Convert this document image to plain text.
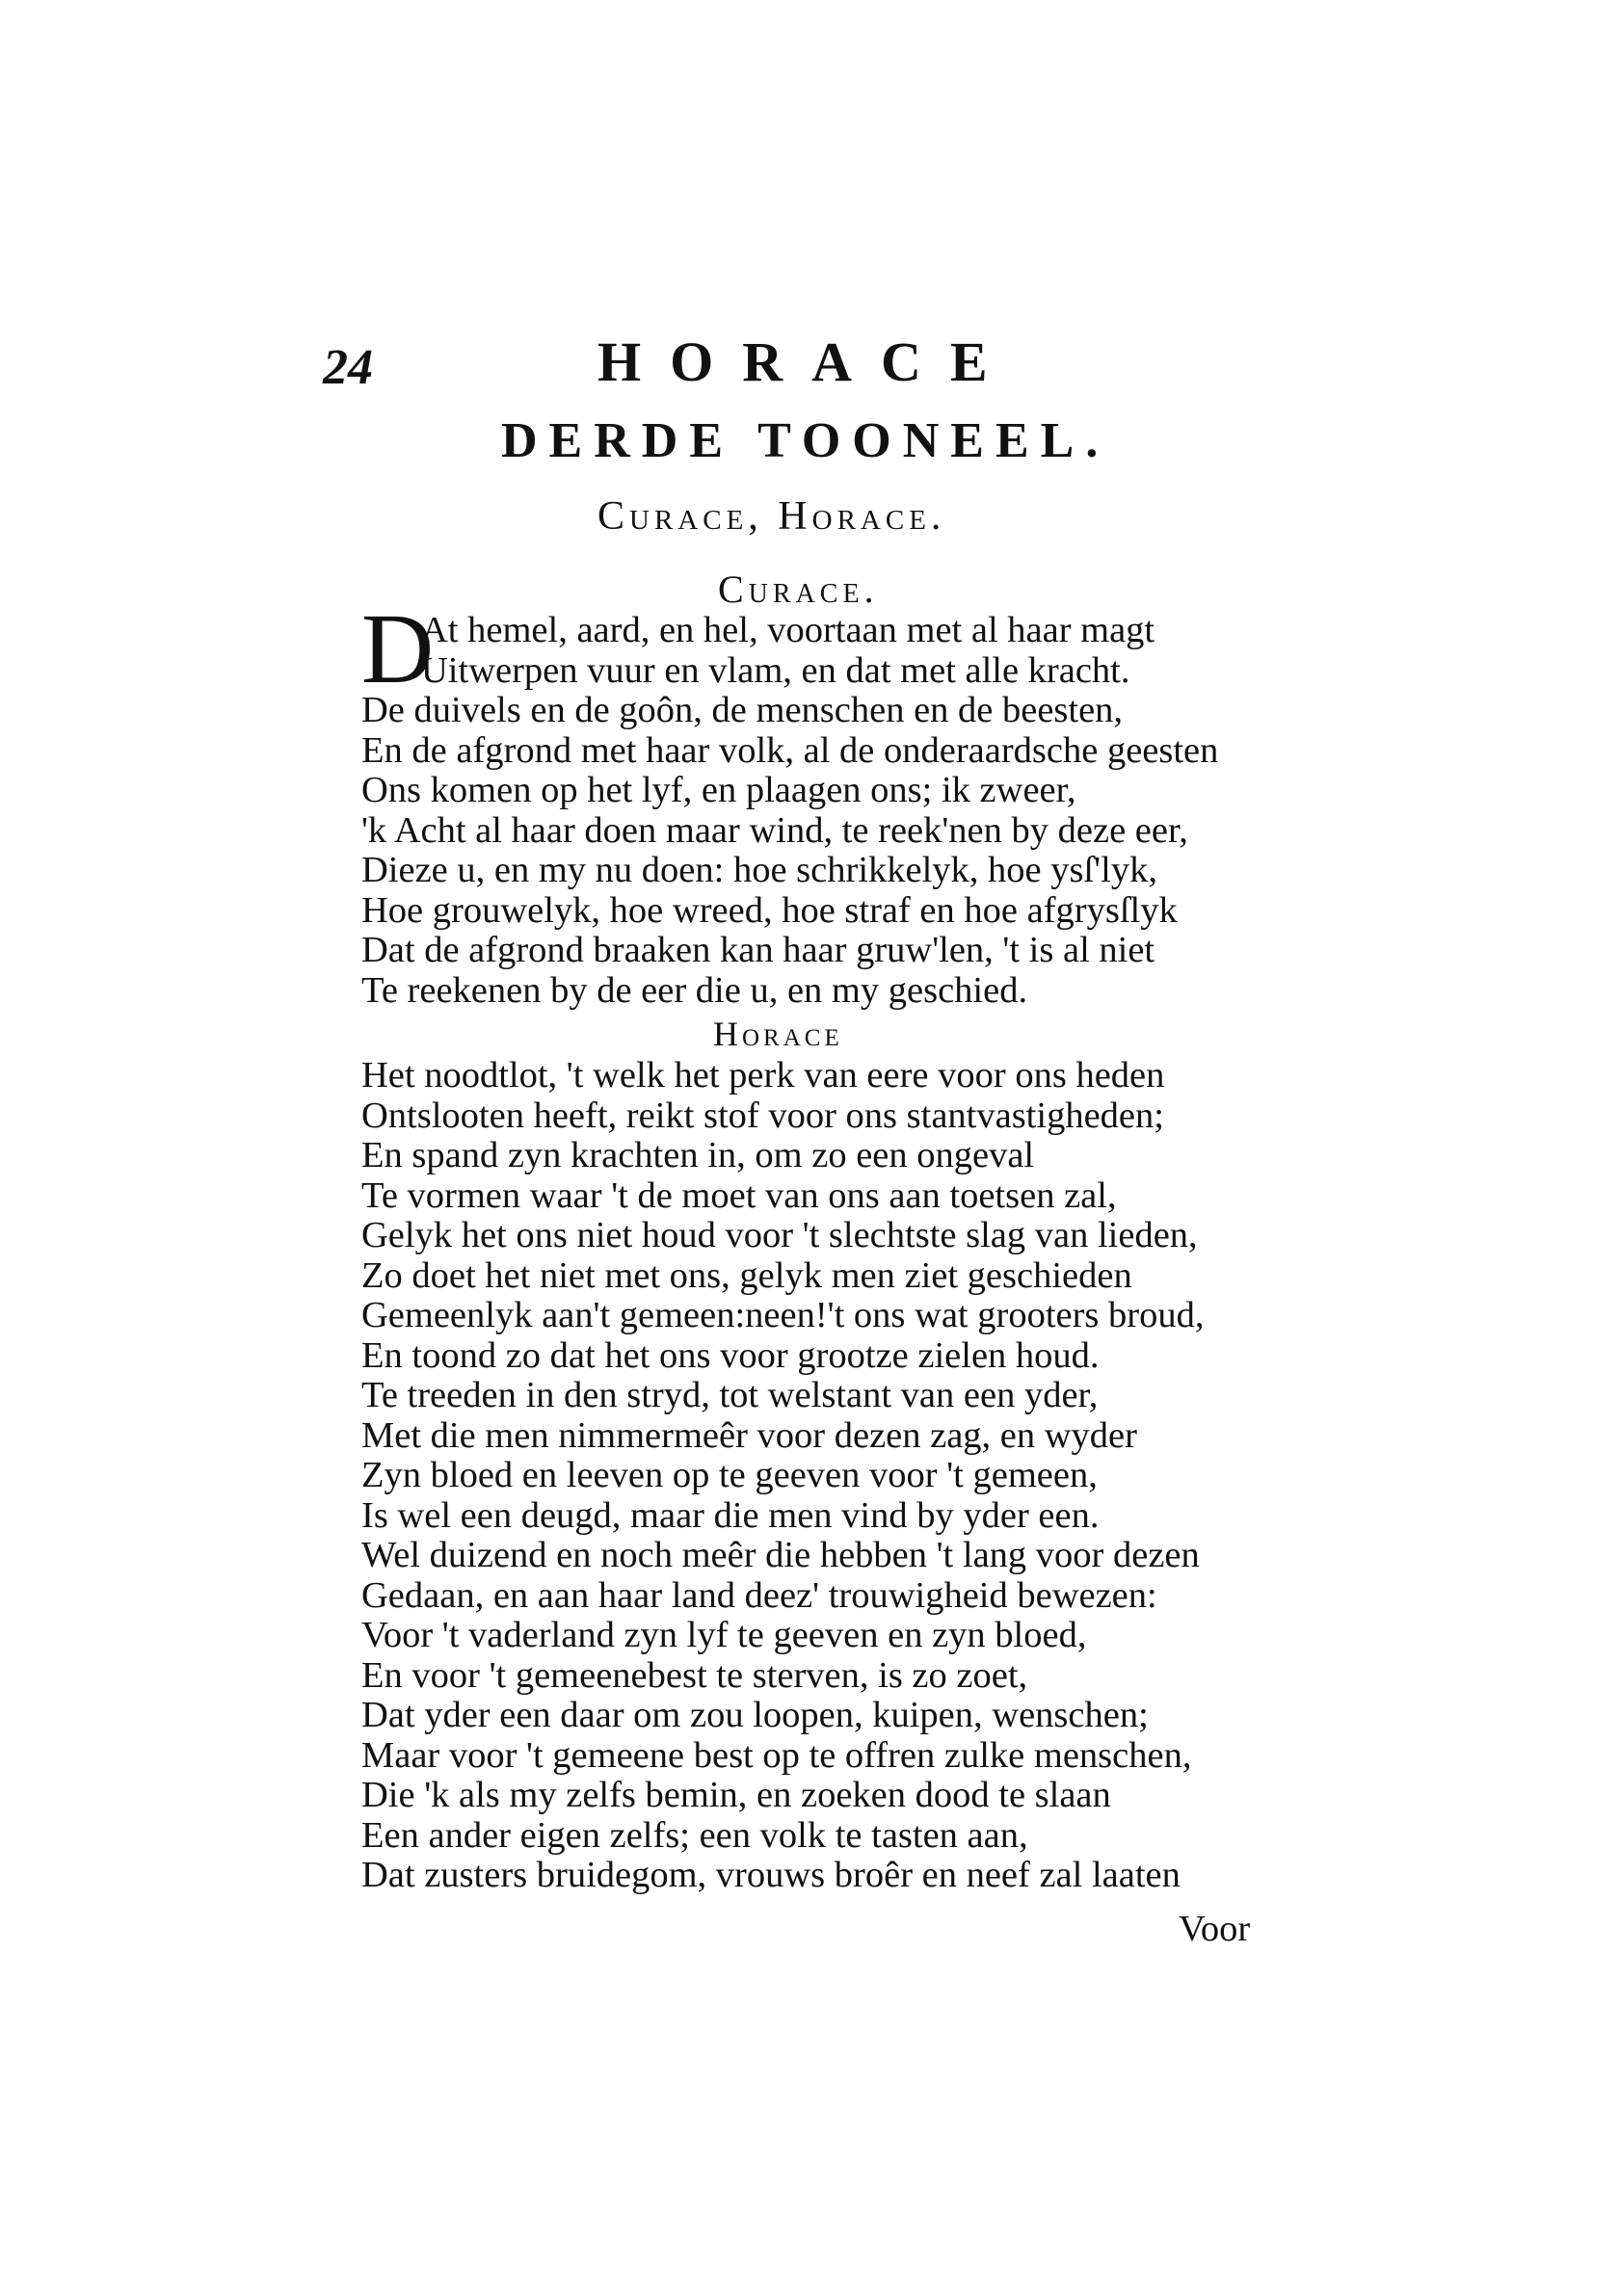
24	HORACE
DERDE TOONEEL.
Curace, Horace.
Curace.
D
At hemel, aard, en hel, voortaan met al haar magt
Uitwerpen vuur en vlam, en dat met alle kracht.
De duivels en de goôn, de menschen en de beesten,
En de afgrond met haar volk, al de onderaardsche geesten
Ons komen op het lyf, en plaagen ons; ik zweer,
'k Acht al haar doen maar wind, te reek'nen by deze eer,
Dieze u, en my nu doen: hoe schrikkelyk, hoe ysſ'lyk,
Hoe grouwelyk, hoe wreed, hoe straf en hoe afgrysſlyk
Dat de afgrond braaken kan haar gruw'len, 't is al niet
Te reekenen by de eer die u, en my geschied.
Horace
Het noodtlot, 't welk het perk van eere voor ons heden
Ontslooten heeft, reikt stof voor ons stantvastigheden;
En spand zyn krachten in, om zo een ongeval
Te vormen waar 't de moet van ons aan toetsen zal,
Gelyk het ons niet houd voor 't slechtste slag van lieden,
Zo doet het niet met ons, gelyk men ziet geschieden
Gemeenlyk aan't gemeen:neen!'t ons wat grooters broud,
En toond zo dat het ons voor grootze zielen houd.
Te treeden in den stryd, tot welstant van een yder,
Met die men nimmermeêr voor dezen zag, en wyder
Zyn bloed en leeven op te geeven voor 't gemeen,
Is wel een deugd, maar die men vind by yder een.
Wel duizend en noch meêr die hebben 't lang voor dezen
Gedaan, en aan haar land deez' trouwigheid bewezen:
Voor 't vaderland zyn lyf te geeven en zyn bloed,
En voor 't gemeenebest te sterven, is zo zoet,
Dat yder een daar om zou loopen, kuipen, wenschen;
Maar voor 't gemeene best op te offren zulke menschen,
Die 'k als my zelfs bemin, en zoeken dood te slaan
Een ander eigen zelfs; een volk te tasten aan,
Dat zusters bruidegom, vrouws broêr en neef zal laaten
Voor
